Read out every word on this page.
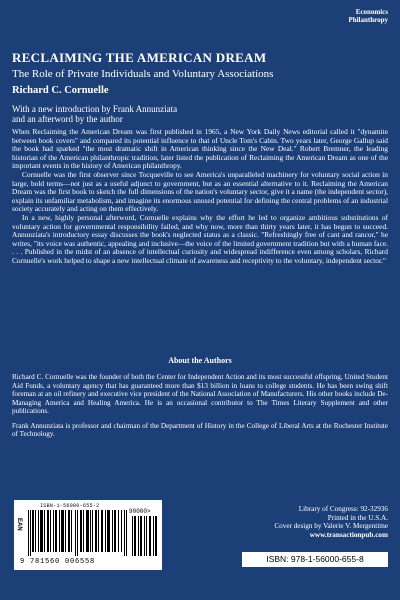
Economics
Philanthropy
RECLAIMING THE AMERICAN DREAM
The Role of Private Individuals and Voluntary Associations
Richard C. Cornuelle
With a new introduction by Frank Annunziata
and an afterword by the author

When Reclaiming the American Dream was first published in 1965, a New York Daily News editorial called it "dynamite between book covers" and compared its potential influence to that of Uncle Tom's Cabin. Two years later, George Gallup said the book had sparked "the most dramatic shift in American thinking since the New Deal." Robert Bremner, the leading historian of the American philanthropic tradition, later listed the publication of Reclaiming the American Dream as one of the important events in the history of American philanthropy.

Cornuelle was the first observer since Tocqueville to see America's unparalleled machinery for voluntary social action in large, bold terms—not just as a useful adjunct to government, but as an essential alternative to it. Reclaiming the American Dream was the first book to sketch the full dimensions of the nation's voluntary sector, give it a name (the independent sector), explain its unfamiliar metabolism, and imagine its enormous unused potential for defining the central problems of an industrial society accurately and acting on them effectively.

In a new, highly personal afterword, Cornuelle explains why the effort he led to organize ambitious substitutions of voluntary action for governmental responsibility failed, and why now, more than thirty years later, it has begun to succeed. Annunziata's introductory essay discusses the book's neglected status as a classic. "Refreshingly free of cant and rancor," he writes, "its voice was authentic, appealing and inclusive—the voice of the limited government tradition but with a human face. . . . Published in the midst of an absence of intellectual curiosity and widespread indifference even among scholars, Richard Cornuelle's work helped to shape a new intellectual climate of awareness and receptivity to the voluntary, independent sector."

About the Authors

Richard C. Cornuelle was the founder of both the Center for Independent Action and its most successful offspring, United Student Aid Funds, a voluntary agency that has guaranteed more than $13 billion in loans to college students. He has been swing shift foreman at an oil refinery and executive vice president of the National Association of Manufacturers. His other books include De-Managing America and Healing America. He is an occasional contributor to The Times Literary Supplement and other publications.

Frank Annunziata is professor and chairman of the Department of History in the College of Liberal Arts at the Rochester Institute of Technology.

ISBN-1-56000-655-2
EAN
90000>
9 781560 006558
Library of Congress: 92-32936
Printed in the U.S.A.
Cover design by Valerie V. Mergentime
www.transactionpub.com
ISBN: 978-1-56000-655-8
